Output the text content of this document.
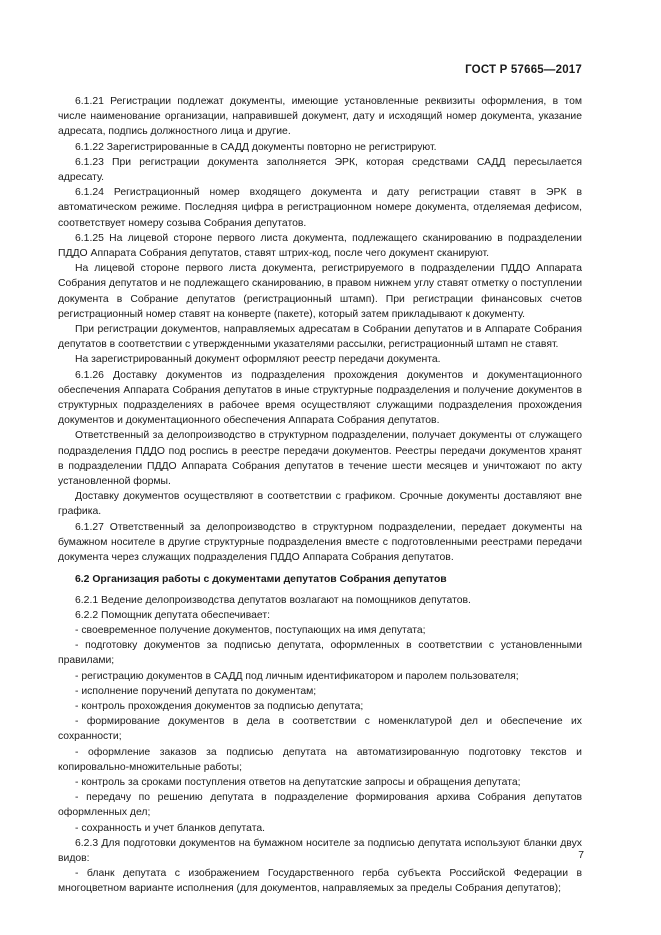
ГОСТ Р 57665—2017

6.1.21 Регистрации подлежат документы, имеющие установленные реквизиты оформления, в том числе наименование организации, направившей документ, дату и исходящий номер документа, указание адресата, подпись должностного лица и другие.

6.1.22 Зарегистрированные в САДД документы повторно не регистрируют.

6.1.23 При регистрации документа заполняется ЭРК, которая средствами САДД пересылается адресату.

6.1.24 Регистрационный номер входящего документа и дату регистрации ставят в ЭРК в автоматическом режиме. Последняя цифра в регистрационном номере документа, отделяемая дефисом, соответствует номеру созыва Собрания депутатов.

6.1.25 На лицевой стороне первого листа документа, подлежащего сканированию в подразделении ПДДО Аппарата Собрания депутатов, ставят штрих-код, после чего документ сканируют.

На лицевой стороне первого листа документа, регистрируемого в подразделении ПДДО Аппарата Собрания депутатов и не подлежащего сканированию, в правом нижнем углу ставят отметку о поступлении документа в Собрание депутатов (регистрационный штамп). При регистрации финансовых счетов регистрационный номер ставят на конверте (пакете), который затем прикладывают к документу.

При регистрации документов, направляемых адресатам в Собрании депутатов и в Аппарате Собрания депутатов в соответствии с утвержденными указателями рассылки, регистрационный штамп не ставят.

На зарегистрированный документ оформляют реестр передачи документа.

6.1.26 Доставку документов из подразделения прохождения документов и документационного обеспечения Аппарата Собрания депутатов в иные структурные подразделения и получение документов в структурных подразделениях в рабочее время осуществляют служащими подразделения прохождения документов и документационного обеспечения Аппарата Собрания депутатов.

Ответственный за делопроизводство в структурном подразделении, получает документы от служащего подразделения ПДДО под роспись в реестре передачи документов. Реестры передачи документов хранят в подразделении ПДДО Аппарата Собрания депутатов в течение шести месяцев и уничтожают по акту установленной формы.

Доставку документов осуществляют в соответствии с графиком. Срочные документы доставляют вне графика.

6.1.27 Ответственный за делопроизводство в структурном подразделении, передает документы на бумажном носителе в другие структурные подразделения вместе с подготовленными реестрами передачи документа через служащих подразделения ПДДО Аппарата Собрания депутатов.

6.2 Организация работы с документами депутатов Собрания депутатов

6.2.1 Ведение делопроизводства депутатов возлагают на помощников депутатов.

6.2.2 Помощник депутата обеспечивает:

- своевременное получение документов, поступающих на имя депутата;

- подготовку документов за подписью депутата, оформленных в соответствии с установленными правилами;

- регистрацию документов в САДД под личным идентификатором и паролем пользователя;

- исполнение поручений депутата по документам;

- контроль прохождения документов за подписью депутата;

- формирование документов в дела в соответствии с номенклатурой дел и обеспечение их сохранности;

- оформление заказов за подписью депутата на автоматизированную подготовку текстов и копировально-множительные работы;

- контроль за сроками поступления ответов на депутатские запросы и обращения депутата;

- передачу по решению депутата в подразделение формирования архива Собрания депутатов оформленных дел;

- сохранность и учет бланков депутата.

6.2.3 Для подготовки документов на бумажном носителе за подписью депутата используют бланки двух видов:

- бланк депутата с изображением Государственного герба субъекта Российской Федерации в многоцветном варианте исполнения (для документов, направляемых за пределы Собрания депутатов);

7
